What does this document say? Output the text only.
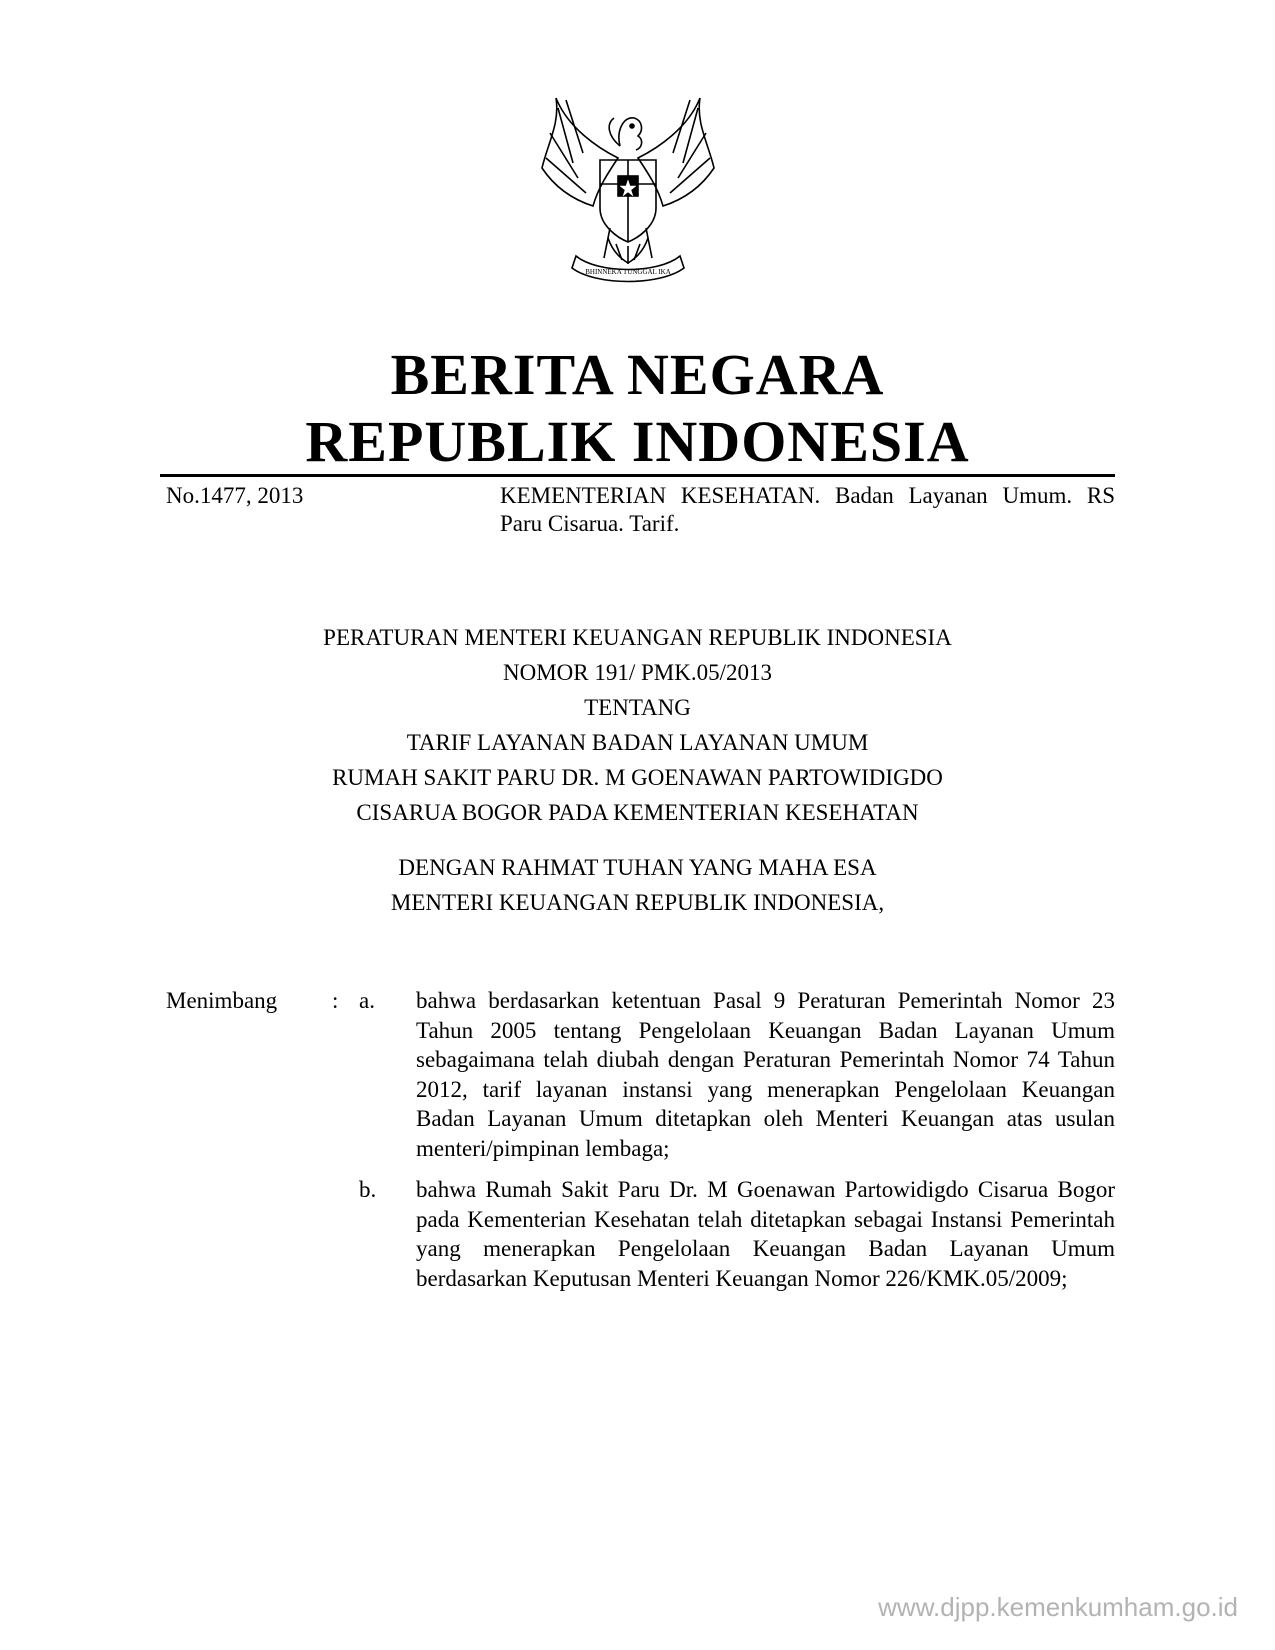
BHINNEKA TUNGGAL IKA
BERITA NEGARA
REPUBLIK INDONESIA
No.1477, 2013	KEMENTERIAN KESEHATAN. Badan Layanan Umum. RS Paru Cisarua. Tarif.
PERATURAN MENTERI KEUANGAN REPUBLIK INDONESIA
NOMOR 191/ PMK.05/2013
TENTANG
TARIF LAYANAN BADAN LAYANAN UMUM
RUMAH SAKIT PARU DR. M GOENAWAN PARTOWIDIGDO
CISARUA BOGOR PADA KEMENTERIAN KESEHATAN
DENGAN RAHMAT TUHAN YANG MAHA ESA
MENTERI KEUANGAN REPUBLIK INDONESIA,
Menimbang : a. bahwa berdasarkan ketentuan Pasal 9 Peraturan Pemerintah Nomor 23 Tahun 2005 tentang Pengelolaan Keuangan Badan Layanan Umum sebagaimana telah diubah dengan Peraturan Pemerintah Nomor 74 Tahun 2012, tarif layanan instansi yang menerapkan Pengelolaan Keuangan Badan Layanan Umum ditetapkan oleh Menteri Keuangan atas usulan menteri/pimpinan lembaga;
b. bahwa Rumah Sakit Paru Dr. M Goenawan Partowidigdo Cisarua Bogor pada Kementerian Kesehatan telah ditetapkan sebagai Instansi Pemerintah yang menerapkan Pengelolaan Keuangan Badan Layanan Umum berdasarkan Keputusan Menteri Keuangan Nomor 226/KMK.05/2009;
www.djpp.kemenkumham.go.id
